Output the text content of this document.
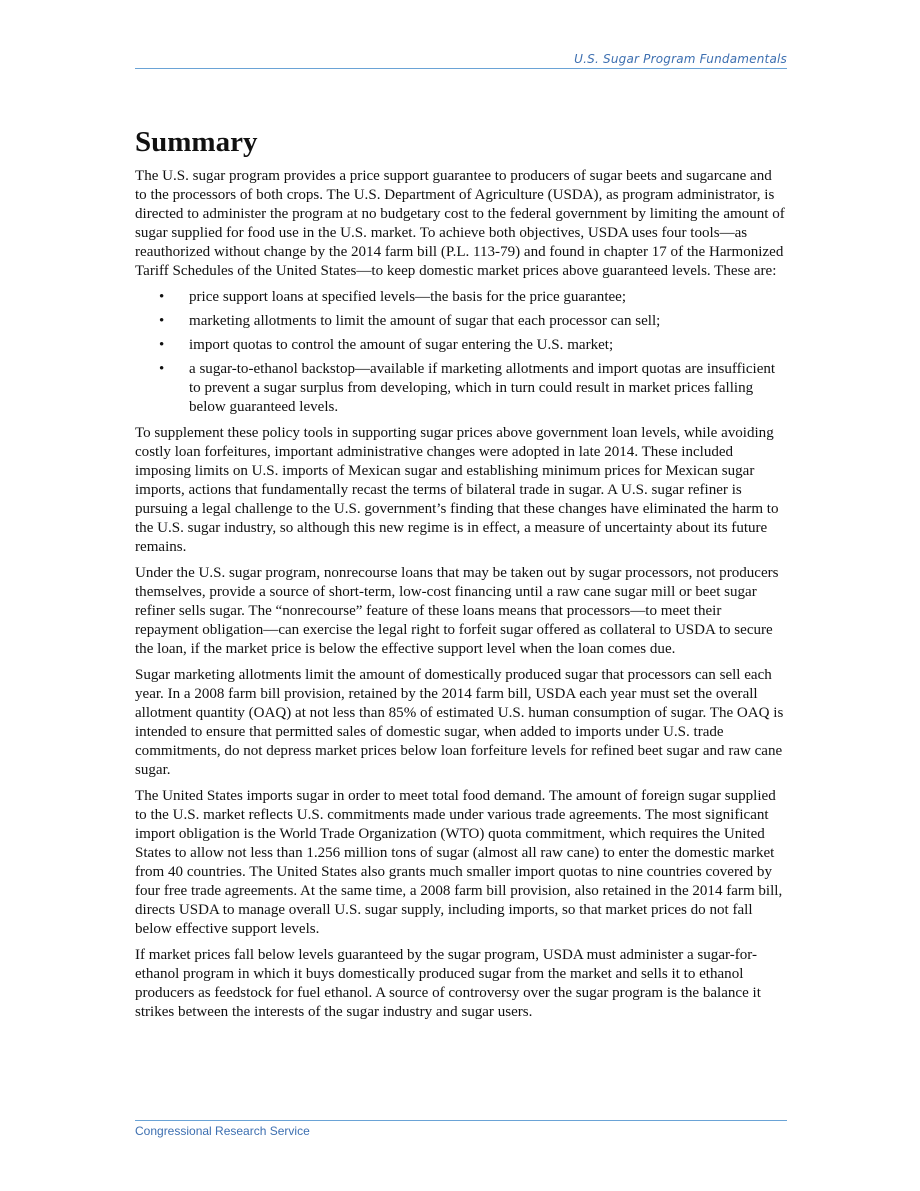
U.S. Sugar Program Fundamentals
Summary

The U.S. sugar program provides a price support guarantee to producers of sugar beets and sugarcane and to the processors of both crops. The U.S. Department of Agriculture (USDA), as program administrator, is directed to administer the program at no budgetary cost to the federal government by limiting the amount of sugar supplied for food use in the U.S. market. To achieve both objectives, USDA uses four tools—as reauthorized without change by the 2014 farm bill (P.L. 113-79) and found in chapter 17 of the Harmonized Tariff Schedules of the United States—to keep domestic market prices above guaranteed levels. These are:

• price support loans at specified levels—the basis for the price guarantee;
• marketing allotments to limit the amount of sugar that each processor can sell;
• import quotas to control the amount of sugar entering the U.S. market;
• a sugar-to-ethanol backstop—available if marketing allotments and import quotas are insufficient to prevent a sugar surplus from developing, which in turn could result in market prices falling below guaranteed levels.

To supplement these policy tools in supporting sugar prices above government loan levels, while avoiding costly loan forfeitures, important administrative changes were adopted in late 2014. These included imposing limits on U.S. imports of Mexican sugar and establishing minimum prices for Mexican sugar imports, actions that fundamentally recast the terms of bilateral trade in sugar. A U.S. sugar refiner is pursuing a legal challenge to the U.S. government’s finding that these changes have eliminated the harm to the U.S. sugar industry, so although this new regime is in effect, a measure of uncertainty about its future remains.

Under the U.S. sugar program, nonrecourse loans that may be taken out by sugar processors, not producers themselves, provide a source of short-term, low-cost financing until a raw cane sugar mill or beet sugar refiner sells sugar. The “nonrecourse” feature of these loans means that processors—to meet their repayment obligation—can exercise the legal right to forfeit sugar offered as collateral to USDA to secure the loan, if the market price is below the effective support level when the loan comes due.

Sugar marketing allotments limit the amount of domestically produced sugar that processors can sell each year. In a 2008 farm bill provision, retained by the 2014 farm bill, USDA each year must set the overall allotment quantity (OAQ) at not less than 85% of estimated U.S. human consumption of sugar. The OAQ is intended to ensure that permitted sales of domestic sugar, when added to imports under U.S. trade commitments, do not depress market prices below loan forfeiture levels for refined beet sugar and raw cane sugar.

The United States imports sugar in order to meet total food demand. The amount of foreign sugar supplied to the U.S. market reflects U.S. commitments made under various trade agreements. The most significant import obligation is the World Trade Organization (WTO) quota commitment, which requires the United States to allow not less than 1.256 million tons of sugar (almost all raw cane) to enter the domestic market from 40 countries. The United States also grants much smaller import quotas to nine countries covered by four free trade agreements. At the same time, a 2008 farm bill provision, also retained in the 2014 farm bill, directs USDA to manage overall U.S. sugar supply, including imports, so that market prices do not fall below effective support levels.

If market prices fall below levels guaranteed by the sugar program, USDA must administer a sugar-for-ethanol program in which it buys domestically produced sugar from the market and sells it to ethanol producers as feedstock for fuel ethanol. A source of controversy over the sugar program is the balance it strikes between the interests of the sugar industry and sugar users.

Congressional Research Service
